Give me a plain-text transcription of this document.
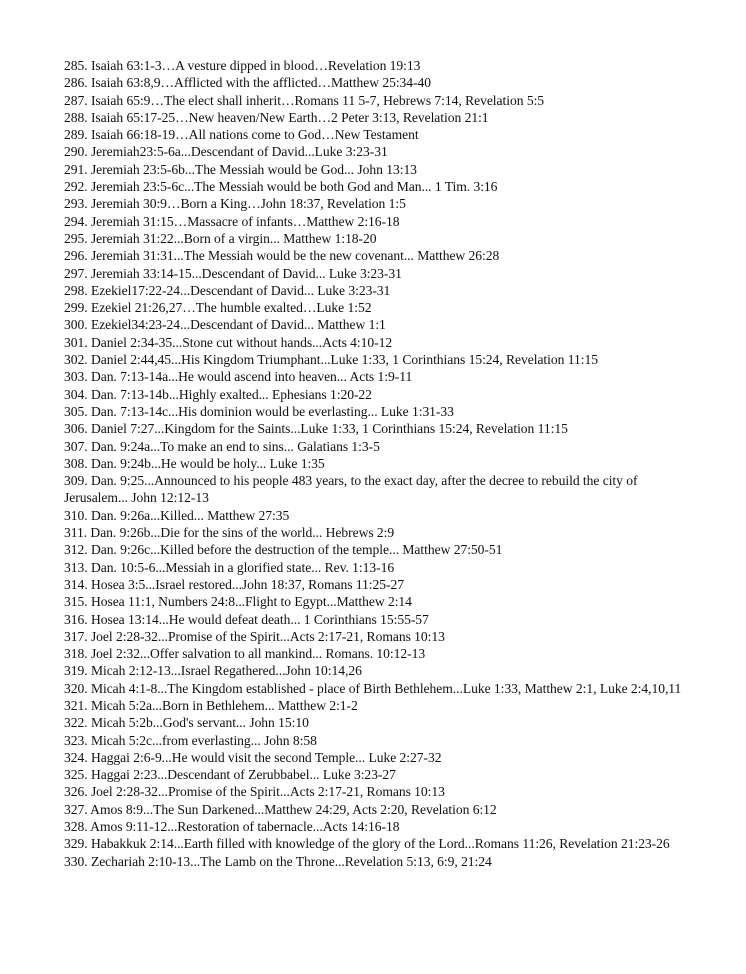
285. Isaiah 63:1-3…A vesture dipped in blood…Revelation 19:13
286. Isaiah 63:8,9…Afflicted with the afflicted…Matthew 25:34-40
287. Isaiah 65:9…The elect shall inherit…Romans 11 5-7, Hebrews 7:14, Revelation 5:5
288. Isaiah 65:17-25…New heaven/New Earth…2 Peter 3:13, Revelation 21:1
289. Isaiah 66:18-19…All nations come to God…New Testament
290. Jeremiah23:5-6a...Descendant of David...Luke 3:23-31
291. Jeremiah 23:5-6b...The Messiah would be God... John 13:13
292. Jeremiah 23:5-6c...The Messiah would be both God and Man... 1 Tim. 3:16
293. Jeremiah 30:9…Born a King…John 18:37, Revelation 1:5
294. Jeremiah 31:15…Massacre of infants…Matthew 2:16-18
295. Jeremiah 31:22...Born of a virgin... Matthew 1:18-20
296. Jeremiah 31:31...The Messiah would be the new covenant... Matthew 26:28
297. Jeremiah 33:14-15...Descendant of David... Luke 3:23-31
298. Ezekiel17:22-24...Descendant of David... Luke 3:23-31
299. Ezekiel 21:26,27…The humble exalted…Luke 1:52
300. Ezekiel34:23-24...Descendant of David... Matthew 1:1
301. Daniel 2:34-35...Stone cut without hands...Acts 4:10-12
302. Daniel 2:44,45...His Kingdom Triumphant...Luke 1:33, 1 Corinthians 15:24, Revelation 11:15
303. Dan. 7:13-14a...He would ascend into heaven... Acts 1:9-11
304. Dan. 7:13-14b...Highly exalted... Ephesians 1:20-22
305. Dan. 7:13-14c...His dominion would be everlasting... Luke 1:31-33
306. Daniel 7:27...Kingdom for the Saints...Luke 1:33, 1 Corinthians 15:24, Revelation 11:15
307. Dan. 9:24a...To make an end to sins... Galatians 1:3-5
308. Dan. 9:24b...He would be holy... Luke 1:35
309. Dan. 9:25...Announced to his people 483 years, to the exact day, after the decree to rebuild the city of Jerusalem... John 12:12-13
310. Dan. 9:26a...Killed... Matthew 27:35
311. Dan. 9:26b...Die for the sins of the world... Hebrews 2:9
312. Dan. 9:26c...Killed before the destruction of the temple... Matthew 27:50-51
313. Dan. 10:5-6...Messiah in a glorified state... Rev. 1:13-16
314. Hosea 3:5...Israel restored...John 18:37, Romans 11:25-27
315. Hosea 11:1, Numbers 24:8...Flight to Egypt...Matthew 2:14
316. Hosea 13:14...He would defeat death... 1 Corinthians 15:55-57
317. Joel 2:28-32...Promise of the Spirit...Acts 2:17-21, Romans 10:13
318. Joel 2:32...Offer salvation to all mankind... Romans. 10:12-13
319. Micah 2:12-13...Israel Regathered...John 10:14,26
320. Micah 4:1-8...The Kingdom established - place of Birth Bethlehem...Luke 1:33, Matthew 2:1, Luke 2:4,10,11
321. Micah 5:2a...Born in Bethlehem... Matthew 2:1-2
322. Micah 5:2b...God's servant... John 15:10
323. Micah 5:2c...from everlasting... John 8:58
324. Haggai 2:6-9...He would visit the second Temple... Luke 2:27-32
325. Haggai 2:23...Descendant of Zerubbabel... Luke 3:23-27
326. Joel 2:28-32...Promise of the Spirit...Acts 2:17-21, Romans 10:13
327. Amos 8:9...The Sun Darkened...Matthew 24:29, Acts 2:20, Revelation 6:12
328. Amos 9:11-12...Restoration of tabernacle...Acts 14:16-18
329. Habakkuk 2:14...Earth filled with knowledge of the glory of the Lord...Romans 11:26, Revelation 21:23-26
330. Zechariah 2:10-13...The Lamb on the Throne...Revelation 5:13, 6:9, 21:24
